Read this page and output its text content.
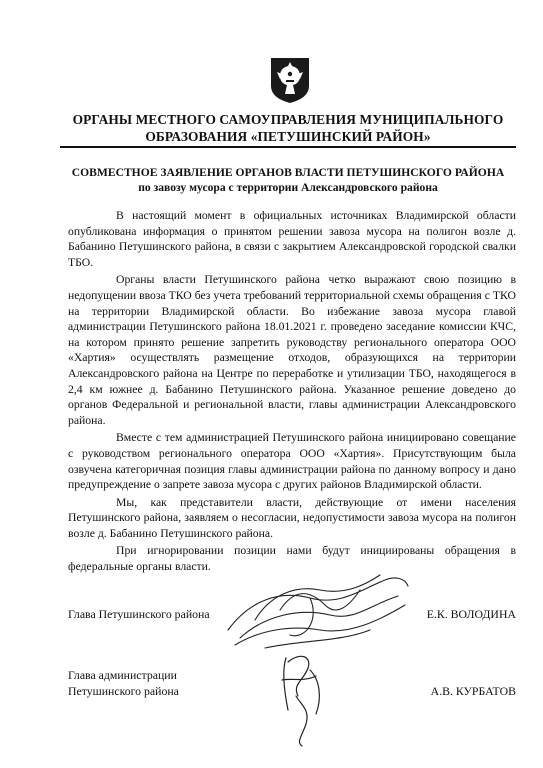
ОРГАНЫ МЕСТНОГО САМОУПРАВЛЕНИЯ МУНИЦИПАЛЬНОГО
ОБРАЗОВАНИЯ «ПЕТУШИНСКИЙ РАЙОН»
СОВМЕСТНОЕ ЗАЯВЛЕНИЕ ОРГАНОВ ВЛАСТИ ПЕТУШИНСКОГО РАЙОНА
по завозу мусора с территории Александровского района

В настоящий момент в официальных источниках Владимирской области опубликована информация о принятом решении завоза мусора на полигон возле д. Бабанино Петушинского района, в связи с закрытием Александровской городской свалки ТБО.

Органы власти Петушинского района четко выражают свою позицию в недопущении ввоза ТКО без учета требований территориальной схемы обращения с ТКО на территории Владимирской области. Во избежание завоза мусора главой администрации Петушинского района 18.01.2021 г. проведено заседание комиссии КЧС, на котором принято решение запретить руководству регионального оператора ООО «Хартия» осуществлять размещение отходов, образующихся на территории Александровского района на Центре по переработке и утилизации ТБО, находящегося в 2,4 км южнее д. Бабанино Петушинского района. Указанное решение доведено до органов Федеральной и региональной власти, главы администрации Александровского района.

Вместе с тем администрацией Петушинского района инициировано совещание с руководством регионального оператора ООО «Хартия». Присутствующим была озвучена категоричная позиция главы администрации района по данному вопросу и дано предупреждение о запрете завоза мусора с других районов Владимирской области.

Мы, как представители власти, действующие от имени населения Петушинского района, заявляем о несогласии, недопустимости завоза мусора на полигон возле д. Бабанино Петушинского района.

При игнорировании позиции нами будут инициированы обращения в федеральные органы власти.

Глава Петушинского района	Е.К. ВОЛОДИНА
Глава администрации
Петушинского района	А.В. КУРБАТОВ
